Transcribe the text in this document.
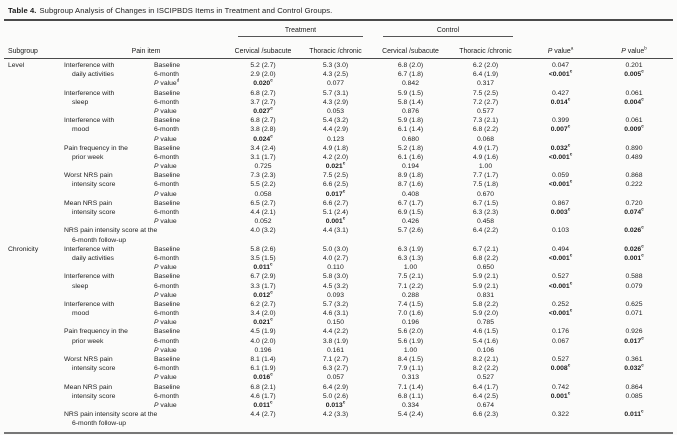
Table 4. Subgroup Analysis of Changes in ISCIPBDS Items in Treatment and Control Groups.
Treatment	Control
Subgroup	Pain item	Cervical /subacute	Thoracic /chronic	Cervical /subacute	Thoracic /chronic	P value$^a$	P value$^b$
Level	Interference with	Baseline	5.2 (2.7)	5.3 (3.0)	6.8 (2.0)	6.2 (2.0)	0.047	0.201
daily activities	6-month	2.9 (2.0)	4.3 (2.5)	6.7 (1.8)	6.4 (1.9)	<0.001$^c$	0.005$^c$
P value$^d$	0.020$^c$	0.077	0.842	0.317
Interference with	Baseline	6.8 (2.7)	5.7 (3.1)	5.9 (1.5)	7.5 (2.5)	0.427	0.061
sleep	6-month	3.7 (2.7)	4.3 (2.9)	5.8 (1.4)	7.2 (2.7)	0.014$^c$	0.004$^c$
P value	0.027$^c$	0.053	0.876	0.577
Interference with	Baseline	6.8 (2.7)	5.4 (3.2)	5.9 (1.8)	7.3 (2.1)	0.399	0.061
mood	6-month	3.8 (2.8)	4.4 (2.9)	6.1 (1.4)	6.8 (2.2)	0.007$^c$	0.009$^c$
P value	0.024$^c$	0.123	0.680	0.068
Pain frequency in the	Baseline	3.4 (2.4)	4.9 (1.8)	5.2 (1.8)	4.9 (1.7)	0.032$^c$	0.890
prior week	6-month	3.1 (1.7)	4.2 (2.0)	6.1 (1.6)	4.9 (1.6)	<0.001$^c$	0.489
P value	0.725	0.021$^c$	0.194	1.00
Worst NRS pain	Baseline	7.3 (2.3)	7.5 (2.5)	8.9 (1.8)	7.7 (1.7)	0.059	0.868
intensity score	6-month	5.5 (2.2)	6.6 (2.5)	8.7 (1.6)	7.5 (1.8)	<0.001$^c$	0.222
P value	0.058	0.017$^c$	0.408	0.670
Mean NRS pain	Baseline	6.5 (2.7)	6.6 (2.7)	6.7 (1.7)	6.7 (1.5)	0.867	0.720
intensity score	6-month	4.4 (2.1)	5.1 (2.4)	6.9 (1.5)	6.3 (2.3)	0.003$^c$	0.074$^c$
P value	0.052	0.001$^c$	0.426	0.458
NRS pain intensity score at the	4.0 (3.2)	4.4 (3.1)	5.7 (2.6)	6.4 (2.2)	0.103	0.026$^c$
6-month follow-up
Chronicity	Interference with	Baseline	5.8 (2.6)	5.0 (3.0)	6.3 (1.9)	6.7 (2.1)	0.494	0.026$^c$
daily activities	6-month	3.5 (1.5)	4.0 (2.7)	6.3 (1.3)	6.8 (2.2)	<0.001$^c$	0.001$^c$
P value	0.011$^c$	0.110	1.00	0.650
Interference with	Baseline	6.7 (2.9)	5.8 (3.0)	7.5 (2.1)	5.9 (2.1)	0.527	0.588
sleep	6-month	3.3 (1.7)	4.5 (3.2)	7.1 (2.2)	5.9 (2.1)	<0.001$^c$	0.079
P value	0.012$^c$	0.093	0.288	0.831
Interference with	Baseline	6.2 (2.7)	5.7 (3.2)	7.4 (1.5)	5.8 (2.2)	0.252	0.625
mood	6-month	3.4 (2.0)	4.6 (3.1)	7.0 (1.6)	5.9 (2.0)	<0.001$^c$	0.071
P value	0.021$^c$	0.150	0.196	0.785
Pain frequency in the	Baseline	4.5 (1.9)	4.4 (2.2)	5.6 (2.0)	4.6 (1.5)	0.176	0.926
prior week	6-month	4.0 (2.0)	3.8 (1.9)	5.6 (1.9)	5.4 (1.6)	0.067	0.017$^c$
P value	0.196	0.161	1.00	0.106
Worst NRS pain	Baseline	8.1 (1.4)	7.1 (2.7)	8.4 (1.5)	8.2 (2.1)	0.527	0.361
intensity score	6-month	6.1 (1.9)	6.3 (2.7)	7.9 (1.1)	8.2 (2.2)	0.008$^c$	0.032$^c$
P value	0.016$^c$	0.057	0.313	0.527
Mean NRS pain	Baseline	6.8 (2.1)	6.4 (2.9)	7.1 (1.4)	6.4 (1.7)	0.742	0.864
intensity score	6-month	4.6 (1.7)	5.0 (2.6)	6.8 (1.1)	6.4 (2.5)	0.001$^c$	0.085
P value	0.011$^c$	0.013$^c$	0.334	0.674
NRS pain intensity score at the	4.4 (2.7)	4.2 (3.3)	5.4 (2.4)	6.6 (2.3)	0.322	0.011$^c$
6-month follow-up
